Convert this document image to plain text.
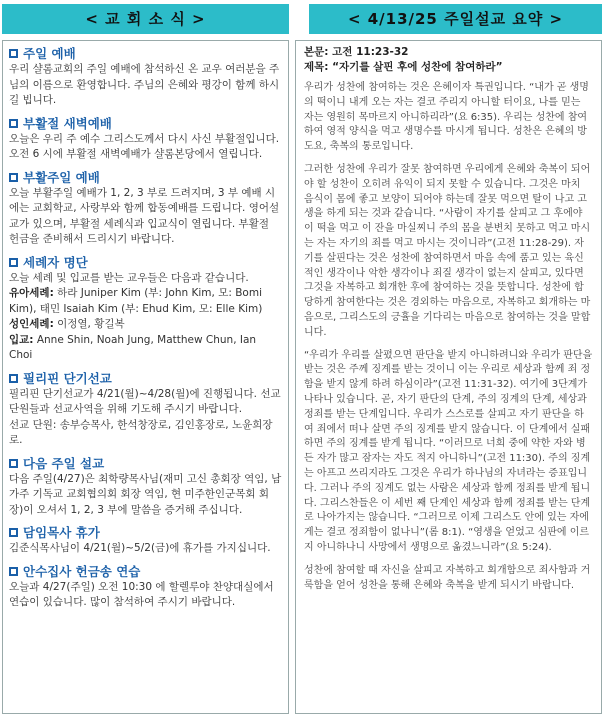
< 교 회 소 식 >	< 4/13/25 주일설교 요약 >
주일 예배
우리 샬롬교회의 주일 예배에 참석하신 온 교우 여러분을 주님의 이름으로 환영합니다. 주님의 은혜와 평강이 함께 하시길 빕니다.
부활절 새벽예배
오늘은 우리 주 예수 그리스도께서 다시 사신 부활절입니다. 오전 6 시에 부활절 새벽예배가 샬롬본당에서 열립니다.
부활주일 예배
오늘 부활주일 예배가 1, 2, 3 부로 드려지며, 3 부 예배 시에는 교회학교, 사랑부와 함께 합동예배를 드립니다. 영어설교가 있으며, 부활절 세례식과 입교식이 열립니다. 부활절 헌금을 준비해서 드리시기 바랍니다.
세례자 명단
오늘 세례 및 입교를 받는 교우들은 다음과 같습니다.
유아세례: 하라 Juniper Kim (부: John Kim, 모: Bomi Kim), 태민 Isaiah Kim (부: Ehud Kim, 모: Elle Kim)
성인세례: 이정열, 황길복
입교: Anne Shin, Noah Jung, Matthew Chun, Ian Choi
필리핀 단기선교
필리핀 단기선교가 4/21(월)~4/28(월)에 진행됩니다. 선교단원들과 선교사역을 위해 기도해 주시기 바랍니다.
선교 단원: 송부승목사, 한석창장로, 김인홍장로, 노윤희장로.
다음 주일 설교
다음 주일(4/27)은 최학량목사님(재미 고신 총회장 역임, 남가주 기독교 교회협의회 회장 역임, 현 미주한인군목회 회장)이 오셔서 1, 2, 3 부에 말씀을 증거해 주십니다.
담임목사 휴가
김준식목사님이 4/21(월)~5/2(금)에 휴가를 가지십니다.
안수집사 헌금송 연습
오늘과 4/27(주일) 오전 10:30 에 할렐루야 찬양대실에서 연습이 있습니다. 많이 참석하여 주시기 바랍니다.
본문: 고전 11:23-32
제목: “자기를 살핀 후에 성찬에 참여하라”
우리가 성찬에 참여하는 것은 은혜이자 특권입니다. “내가 곧 생명의 떡이니 내게 오는 자는 결코 주리지 아니할 터이요, 나를 믿는 자는 영원히 목마르지 아니하리라”(요 6:35). 우리는 성찬에 참여하여 영적 양식을 먹고 생명수를 마시게 됩니다. 성찬은 은혜의 방도요, 축복의 통로입니다.
그러한 성찬에 우리가 잘못 참여하면 우리에게 은혜와 축복이 되어야 할 성찬이 오히려 유익이 되지 못할 수 있습니다. 그것은 마치 음식이 몸에 좋고 보양이 되어야 하는데 잘못 먹으면 탈이 나고 고생을 하게 되는 것과 같습니다. “사람이 자기를 살피고 그 후에야 이 떡을 먹고 이 잔을 마실찌니 주의 몸을 분변치 못하고 먹고 마시는 자는 자기의 죄를 먹고 마시는 것이니라”(고전 11:28-29). 자기를 살핀다는 것은 성찬에 참여하면서 마음 속에 품고 있는 육신적인 생각이나 악한 생각이나 죄질 생각이 없는지 살피고, 있다면 그것을 자복하고 회개한 후에 참여하는 것을 뜻합니다. 성찬에 합당하게 참여한다는 것은 경외하는 마음으로, 자복하고 회개하는 마음으로, 그리스도의 긍휼을 기다리는 마음으로 참여하는 것을 말합니다.
“우리가 우리를 살폈으면 판단을 받지 아니하려니와 우리가 판단을 받는 것은 주께 징계를 받는 것이니 이는 우리로 세상과 함께 죄 정함을 받지 않게 하려 하심이라”(고전 11:31-32). 여기에 3단계가 나타나 있습니다. 곧, 자기 판단의 단계, 주의 징계의 단계, 세상과 정죄를 받는 단계입니다. 우리가 스스로를 살피고 자기 판단을 하여 죄에서 떠나 살면 주의 징계를 받지 않습니다. 이 단계에서 실패하면 주의 징계를 받게 됩니다. “이러므로 너희 중에 약한 자와 병든 자가 많고 잠자는 자도 적지 아니하니”(고전 11:30). 주의 징계는 아프고 쓰리지라도 그것은 우리가 하나님의 자녀라는 증표입니다. 그러나 주의 징계도 없는 사람은 세상과 함께 정죄를 받게 됩니다. 그리스찬들은 이 세번 째 단계인 세상과 함께 정죄를 받는 단계로 나아가지는 않습니다. “그러므로 이제 그리스도 안에 있는 자에게는 결코 정죄함이 없나니”(롬 8:1). “영생을 얻었고 심판에 이르지 아니하나니 사망에서 생명으로 옮겼느니라”(요 5:24).
성찬에 참여할 때 자신을 살피고 자복하고 회개함으로 죄사함과 거룩함을 얻어 성찬을 통해 은혜와 축복을 받게 되시기 바랍니다.
